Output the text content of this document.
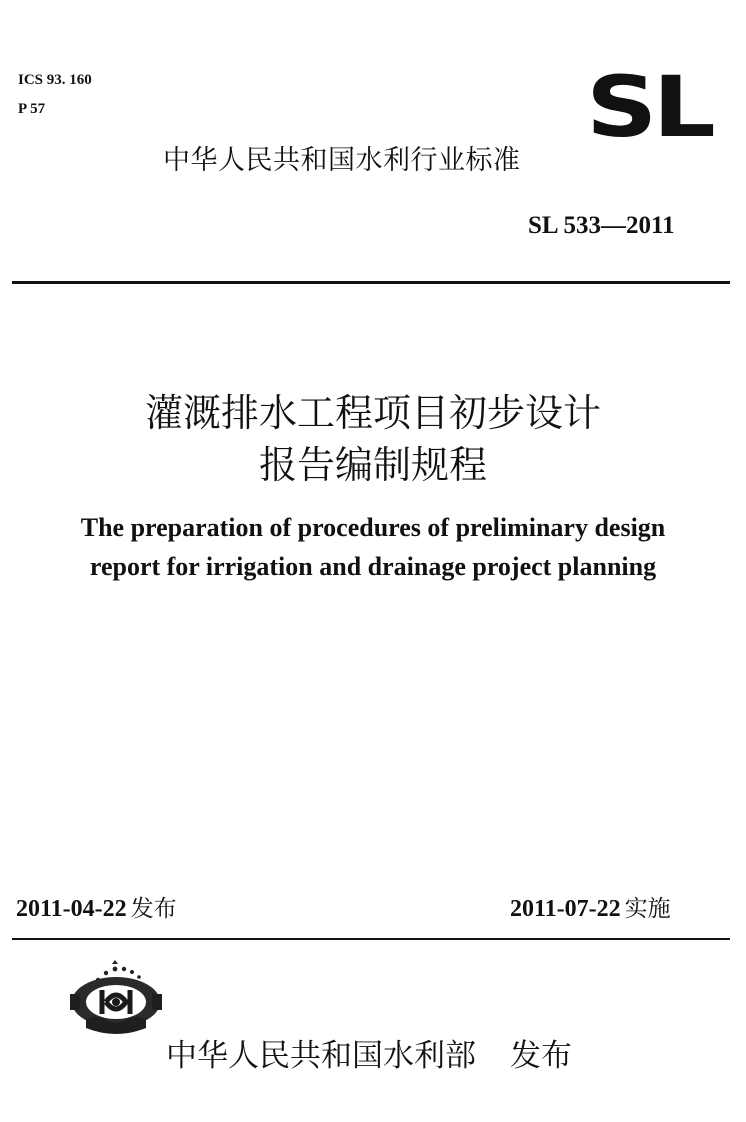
ICS 93. 160
P 57	SL
中华人民共和国水利行业标准
SL 533—2011
灌溉排水工程项目初步设计
报告编制规程
The preparation of procedures of preliminary design
report for irrigation and drainage project planning
2011-04-22 发布	2011-07-22 实施
中华人民共和国水利部 发布
